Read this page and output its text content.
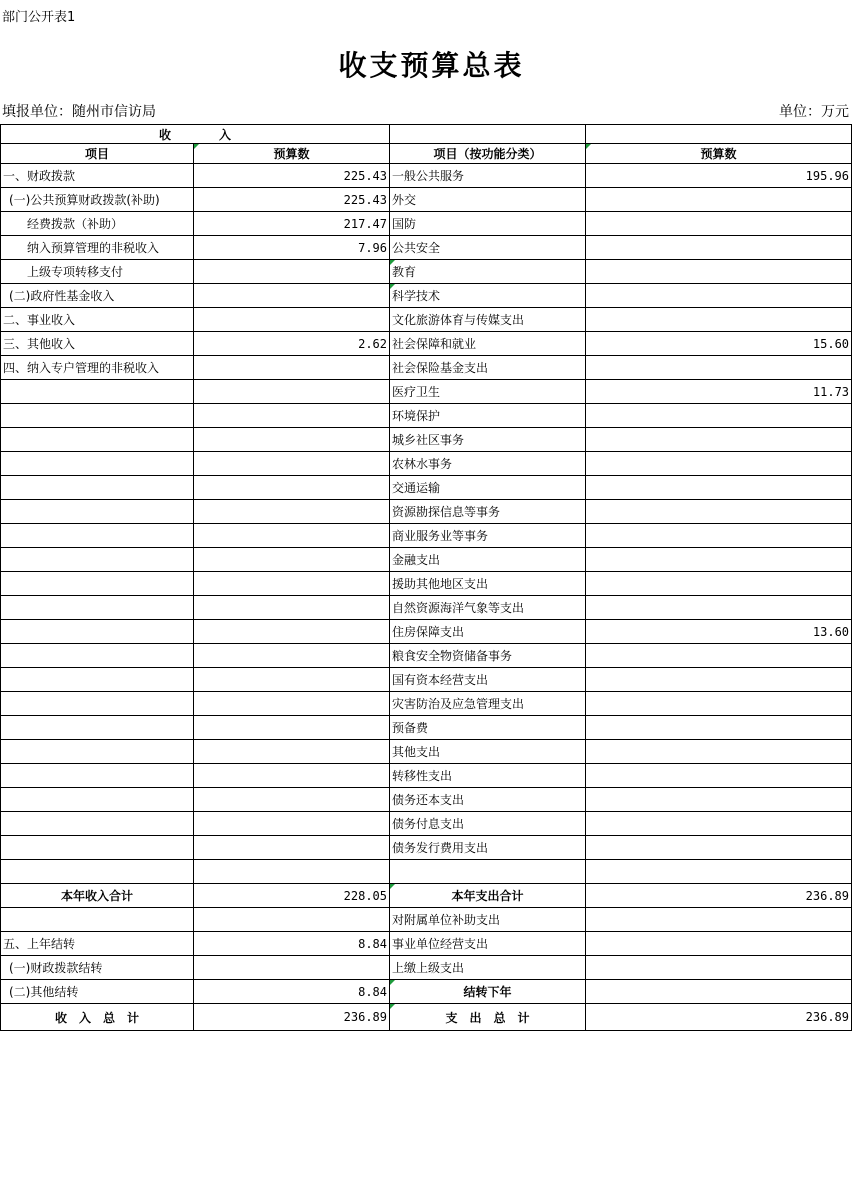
部门公开表1
收支预算总表
填报单位：随州市信访局	单位：万元
收　　　　入			
项目	预算数	项目（按功能分类）	预算数
一、财政拨款	225.43	一般公共服务	195.96
(一)公共预算财政拨款(补助)	225.43	外交	
经费拨款（补助）	217.47	国防	
纳入预算管理的非税收入	7.96	公共安全	
上级专项转移支付		教育	
(二)政府性基金收入		科学技术	
二、事业收入		文化旅游体育与传媒支出	
三、其他收入	2.62	社会保障和就业	15.60
四、纳入专户管理的非税收入		社会保险基金支出	
		医疗卫生	11.73
		环境保护	
		城乡社区事务	
		农林水事务	
		交通运输	
		资源勘探信息等事务	
		商业服务业等事务	
		金融支出	
		援助其他地区支出	
		自然资源海洋气象等支出	
		住房保障支出	13.60
		粮食安全物资储备事务	
		国有资本经营支出	
		灾害防治及应急管理支出	
		预备费	
		其他支出	
		转移性支出	
		债务还本支出	
		债务付息支出	
		债务发行费用支出	

本年收入合计	228.05	本年支出合计	236.89
		对附属单位补助支出	
五、上年结转	8.84	事业单位经营支出	
(一)财政拨款结转		上缴上级支出	
(二)其他结转	8.84	结转下年	
收　入　总　计	236.89	支　出　总　计	236.89
